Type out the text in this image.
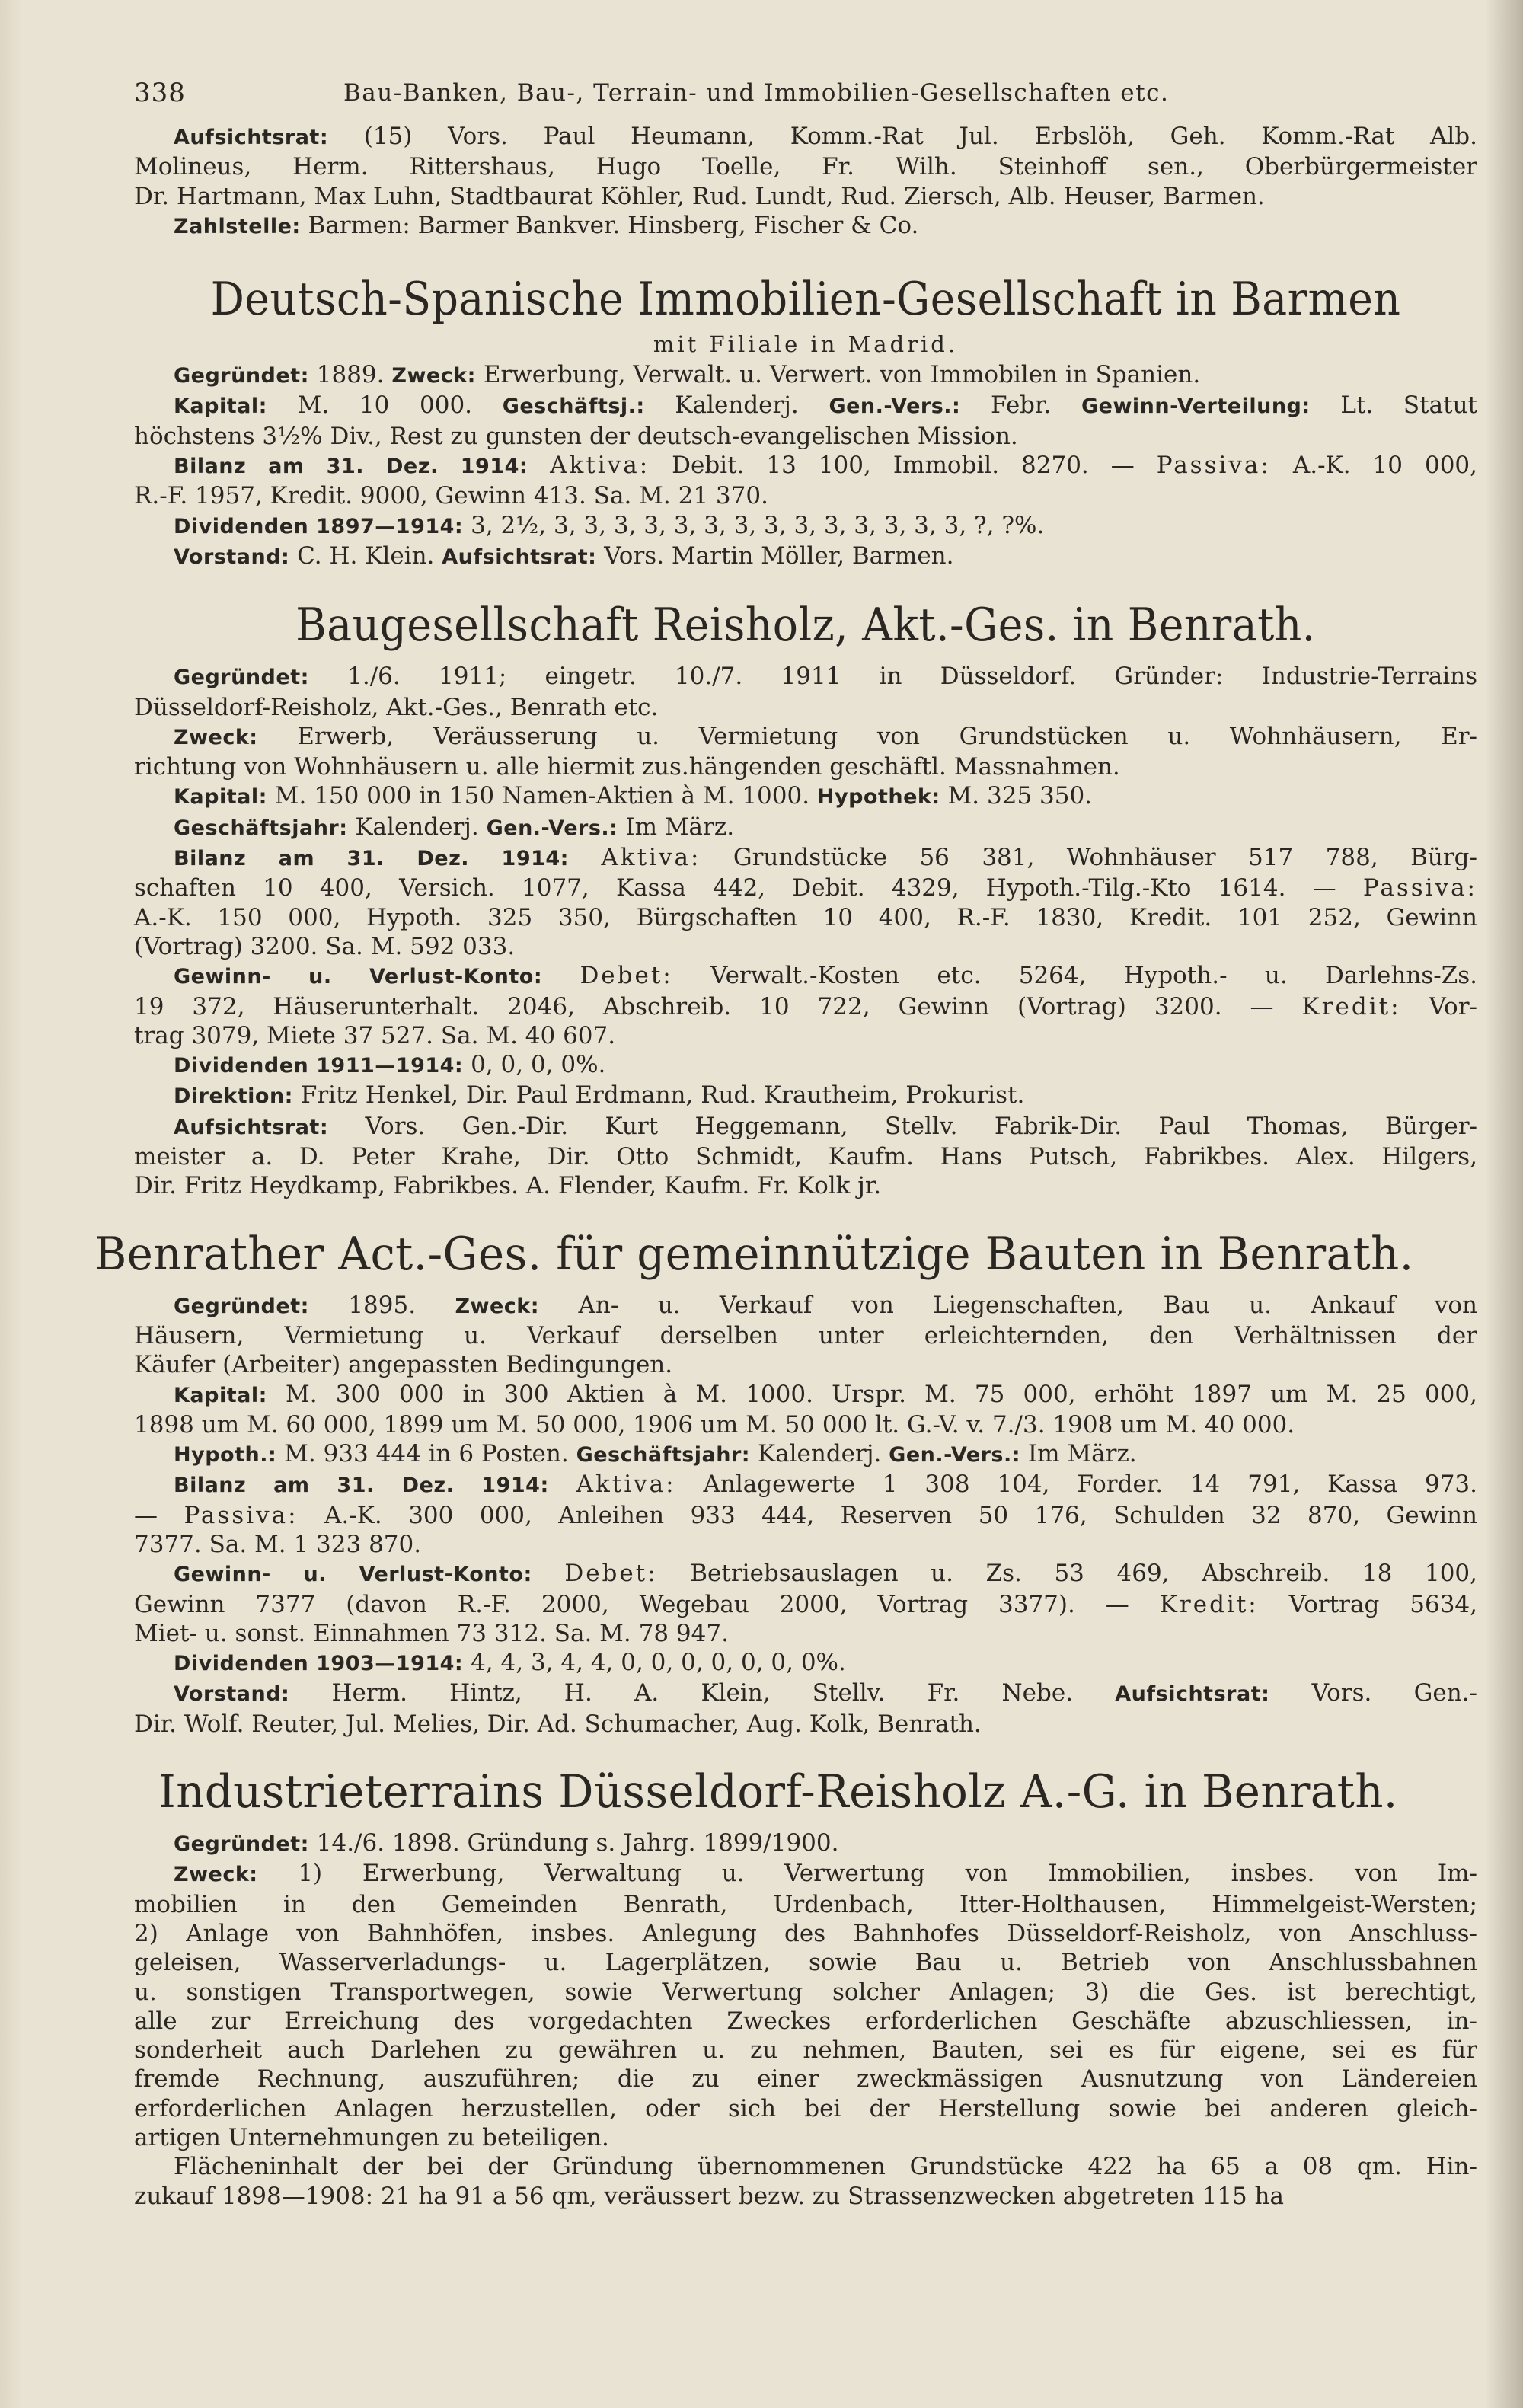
338	Bau-Banken, Bau-, Terrain- und Immobilien-Gesellschaften etc.
Aufsichtsrat: (15) Vors. Paul Heumann, Komm.-Rat Jul. Erbslöh, Geh. Komm.-Rat Alb.
Molineus, Herm. Rittershaus, Hugo Toelle, Fr. Wilh. Steinhoff sen., Oberbürgermeister
Dr. Hartmann, Max Luhn, Stadtbaurat Köhler, Rud. Lundt, Rud. Ziersch, Alb. Heuser, Barmen.
Zahlstelle: Barmen: Barmer Bankver. Hinsberg, Fischer & Co.
Deutsch-Spanische Immobilien-Gesellschaft in Barmen
mit Filiale in Madrid.
Gegründet: 1889. Zweck: Erwerbung, Verwalt. u. Verwert. von Immobilen in Spanien.
Kapital: M. 10 000. Geschäftsj.: Kalenderj. Gen.-Vers.: Febr. Gewinn-Verteilung: Lt. Statut
höchstens 3½% Div., Rest zu gunsten der deutsch-evangelischen Mission.
Bilanz am 31. Dez. 1914: Aktiva: Debit. 13 100, Immobil. 8270. — Passiva: A.-K. 10 000,
R.-F. 1957, Kredit. 9000, Gewinn 413. Sa. M. 21 370.
Dividenden 1897—1914: 3, 2½, 3, 3, 3, 3, 3, 3, 3, 3, 3, 3, 3, 3, 3, 3, ?, ?%.
Vorstand: C. H. Klein. Aufsichtsrat: Vors. Martin Möller, Barmen.
Baugesellschaft Reisholz, Akt.-Ges. in Benrath.
Gegründet: 1./6. 1911; eingetr. 10./7. 1911 in Düsseldorf. Gründer: Industrie-Terrains
Düsseldorf-Reisholz, Akt.-Ges., Benrath etc.
Zweck: Erwerb, Veräusserung u. Vermietung von Grundstücken u. Wohnhäusern, Er-
richtung von Wohnhäusern u. alle hiermit zus.hängenden geschäftl. Massnahmen.
Kapital: M. 150 000 in 150 Namen-Aktien à M. 1000. Hypothek: M. 325 350.
Geschäftsjahr: Kalenderj. Gen.-Vers.: Im März.
Bilanz am 31. Dez. 1914: Aktiva: Grundstücke 56 381, Wohnhäuser 517 788, Bürg-
schaften 10 400, Versich. 1077, Kassa 442, Debit. 4329, Hypoth.-Tilg.-Kto 1614. — Passiva:
A.-K. 150 000, Hypoth. 325 350, Bürgschaften 10 400, R.-F. 1830, Kredit. 101 252, Gewinn
(Vortrag) 3200. Sa. M. 592 033.
Gewinn- u. Verlust-Konto: Debet: Verwalt.-Kosten etc. 5264, Hypoth.- u. Darlehns-Zs.
19 372, Häuserunterhalt. 2046, Abschreib. 10 722, Gewinn (Vortrag) 3200. — Kredit: Vor-
trag 3079, Miete 37 527. Sa. M. 40 607.
Dividenden 1911—1914: 0, 0, 0, 0%.
Direktion: Fritz Henkel, Dir. Paul Erdmann, Rud. Krautheim, Prokurist.
Aufsichtsrat: Vors. Gen.-Dir. Kurt Heggemann, Stellv. Fabrik-Dir. Paul Thomas, Bürger-
meister a. D. Peter Krahe, Dir. Otto Schmidt, Kaufm. Hans Putsch, Fabrikbes. Alex. Hilgers,
Dir. Fritz Heydkamp, Fabrikbes. A. Flender, Kaufm. Fr. Kolk jr.
Benrather Act.-Ges. für gemeinnützige Bauten in Benrath.
Gegründet: 1895. Zweck: An- u. Verkauf von Liegenschaften, Bau u. Ankauf von
Häusern, Vermietung u. Verkauf derselben unter erleichternden, den Verhältnissen der
Käufer (Arbeiter) angepassten Bedingungen.
Kapital: M. 300 000 in 300 Aktien à M. 1000. Urspr. M. 75 000, erhöht 1897 um M. 25 000,
1898 um M. 60 000, 1899 um M. 50 000, 1906 um M. 50 000 lt. G.-V. v. 7./3. 1908 um M. 40 000.
Hypoth.: M. 933 444 in 6 Posten. Geschäftsjahr: Kalenderj. Gen.-Vers.: Im März.
Bilanz am 31. Dez. 1914: Aktiva: Anlagewerte 1 308 104, Forder. 14 791, Kassa 973.
— Passiva: A.-K. 300 000, Anleihen 933 444, Reserven 50 176, Schulden 32 870, Gewinn
7377. Sa. M. 1 323 870.
Gewinn- u. Verlust-Konto: Debet: Betriebsauslagen u. Zs. 53 469, Abschreib. 18 100,
Gewinn 7377 (davon R.-F. 2000, Wegebau 2000, Vortrag 3377). — Kredit: Vortrag 5634,
Miet- u. sonst. Einnahmen 73 312. Sa. M. 78 947.
Dividenden 1903—1914: 4, 4, 3, 4, 4, 0, 0, 0, 0, 0, 0, 0%.
Vorstand: Herm. Hintz, H. A. Klein, Stellv. Fr. Nebe. Aufsichtsrat: Vors. Gen.-
Dir. Wolf. Reuter, Jul. Melies, Dir. Ad. Schumacher, Aug. Kolk, Benrath.
Industrieterrains Düsseldorf-Reisholz A.-G. in Benrath.
Gegründet: 14./6. 1898. Gründung s. Jahrg. 1899/1900.
Zweck: 1) Erwerbung, Verwaltung u. Verwertung von Immobilien, insbes. von Im-
mobilien in den Gemeinden Benrath, Urdenbach, Itter-Holthausen, Himmelgeist-Wersten;
2) Anlage von Bahnhöfen, insbes. Anlegung des Bahnhofes Düsseldorf-Reisholz, von Anschluss-
geleisen, Wasserverladungs- u. Lagerplätzen, sowie Bau u. Betrieb von Anschlussbahnen
u. sonstigen Transportwegen, sowie Verwertung solcher Anlagen; 3) die Ges. ist berechtigt,
alle zur Erreichung des vorgedachten Zweckes erforderlichen Geschäfte abzuschliessen, in-
sonderheit auch Darlehen zu gewähren u. zu nehmen, Bauten, sei es für eigene, sei es für
fremde Rechnung, auszuführen; die zu einer zweckmässigen Ausnutzung von Ländereien
erforderlichen Anlagen herzustellen, oder sich bei der Herstellung sowie bei anderen gleich-
artigen Unternehmungen zu beteiligen.
Flächeninhalt der bei der Gründung übernommenen Grundstücke 422 ha 65 a 08 qm. Hin-
zukauf 1898—1908: 21 ha 91 a 56 qm, veräussert bezw. zu Strassenzwecken abgetreten 115 ha
